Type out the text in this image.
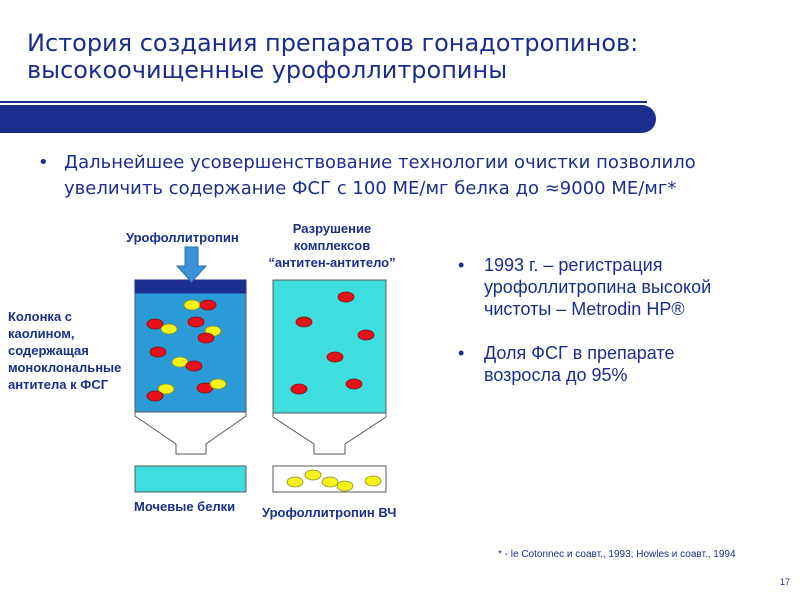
История создания препаратов гонадотропинов:
высокоочищенные урофоллитропины
• Дальнейшее усовершенствование технологии очистки позволило
увеличить содержание ФСГ с 100 МЕ/мг белка до ≈9000 МЕ/мг*
Урофоллитропин
Разрушение
комплексов
“антитен-антитело”
Колонка с
каолином,
содержащая
моноклональные
антитела к ФСГ
Мочевые белки Урофоллитропин ВЧ
• 1993 г. – регистрация
урофоллитропина высокой
чистоты – Metrodin HP®
• Доля ФСГ в препарате
возросла до 95%
* - le Cotonnec и соавт., 1993; Howles и соавт., 1994
17
